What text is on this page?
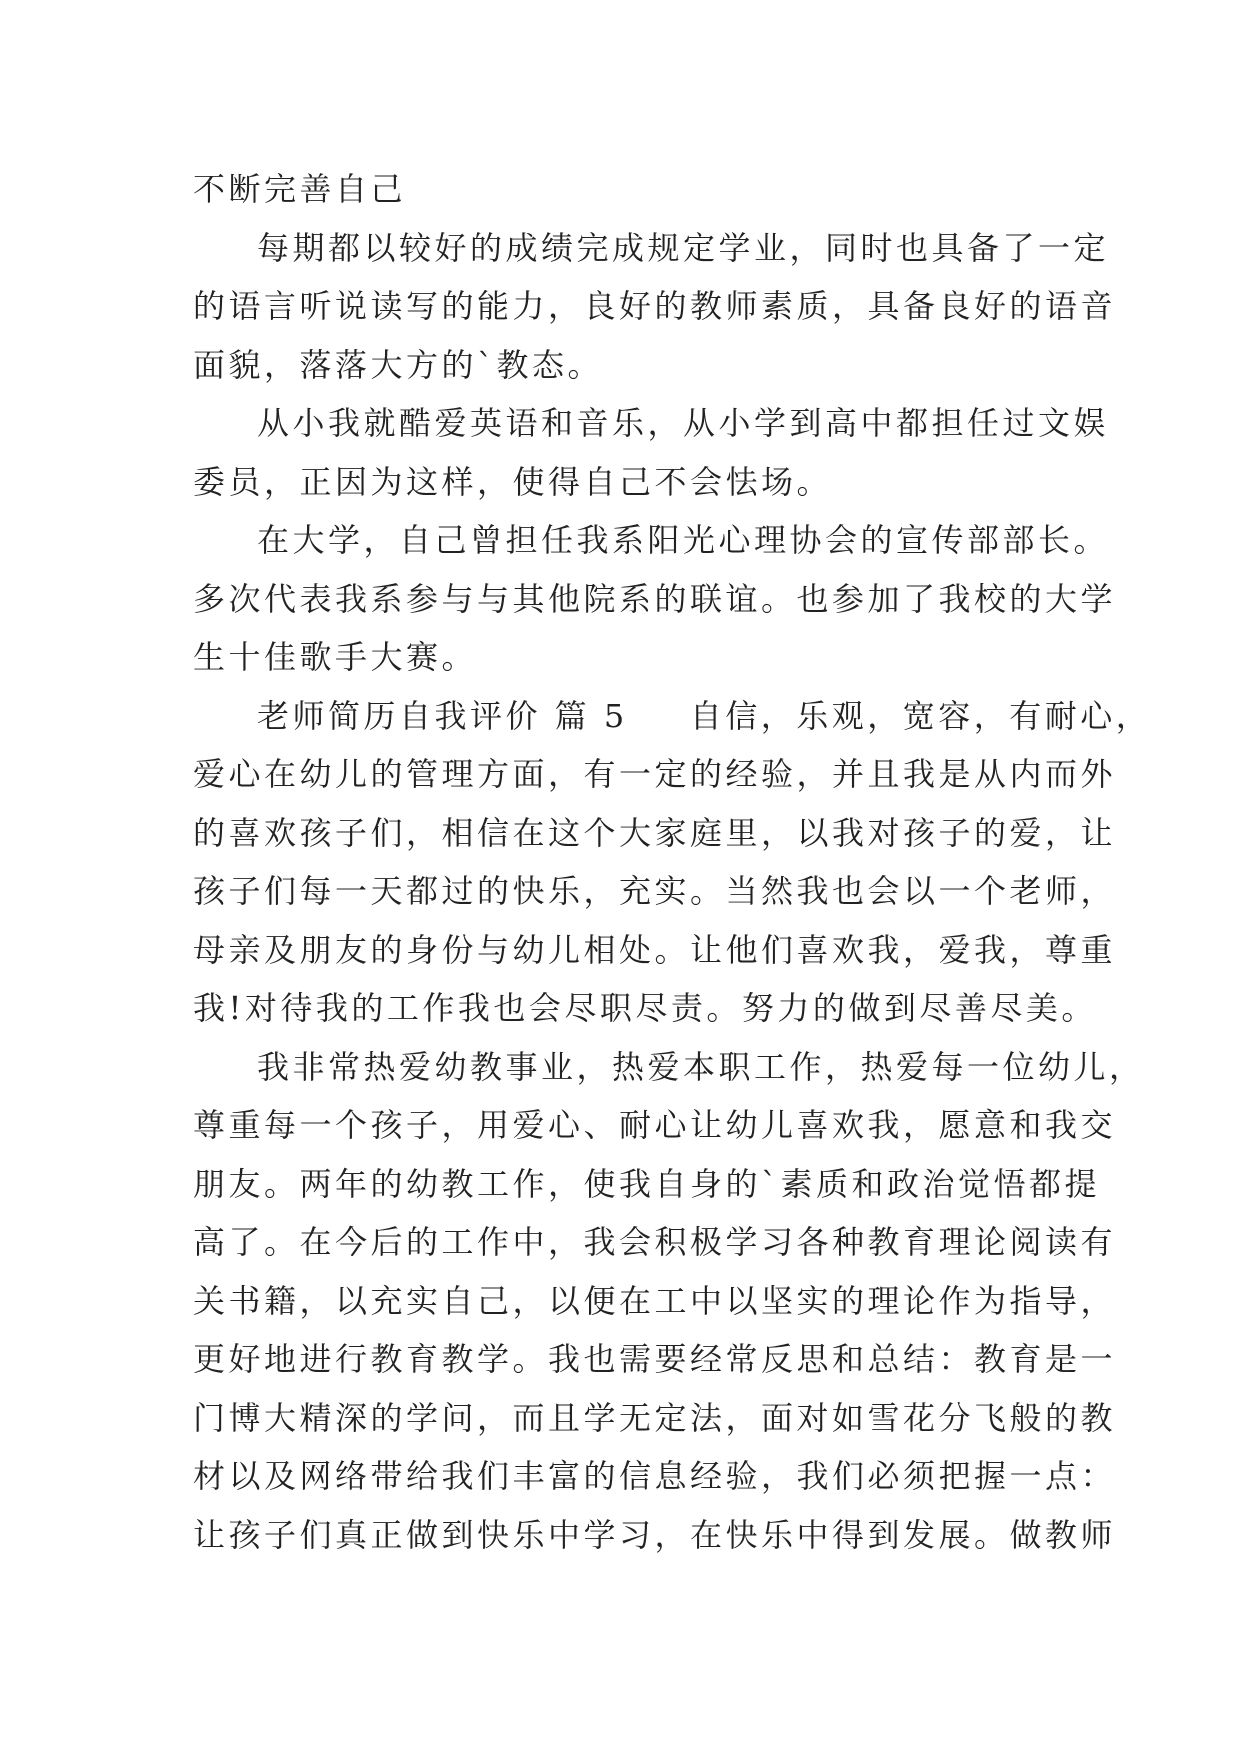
不断完善自己
每期都以较好的成绩完成规定学业，同时也具备了一定
的语言听说读写的能力，良好的教师素质，具备良好的语音
面貌，落落大方的`教态。
从小我就酷爱英语和音乐，从小学到高中都担任过文娱
委员，正因为这样，使得自己不会怯场。
在大学，自己曾担任我系阳光心理协会的宣传部部长。
多次代表我系参与与其他院系的联谊。也参加了我校的大学
生十佳歌手大赛。
老师简历自我评价 篇 5 自信，乐观，宽容，有耐心，
爱心在幼儿的管理方面，有一定的经验，并且我是从内而外
的喜欢孩子们，相信在这个大家庭里，以我对孩子的爱，让
孩子们每一天都过的快乐，充实。当然我也会以一个老师，
母亲及朋友的身份与幼儿相处。让他们喜欢我，爱我，尊重
我!对待我的工作我也会尽职尽责。努力的做到尽善尽美。
我非常热爱幼教事业，热爱本职工作，热爱每一位幼儿，
尊重每一个孩子，用爱心、耐心让幼儿喜欢我，愿意和我交
朋友。两年的幼教工作，使我自身的`素质和政治觉悟都提
高了。在今后的工作中，我会积极学习各种教育理论阅读有
关书籍，以充实自己，以便在工中以坚实的理论作为指导，
更好地进行教育教学。我也需要经常反思和总结：教育是一
门博大精深的学问，而且学无定法，面对如雪花分飞般的教
材以及网络带给我们丰富的信息经验，我们必须把握一点：
让孩子们真正做到快乐中学习，在快乐中得到发展。做教师
